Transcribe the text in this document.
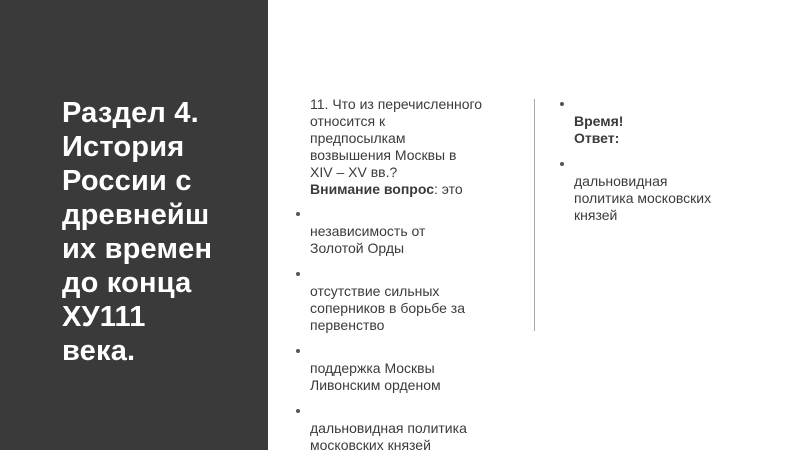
Раздел 4.
История
России с
древнейш
их времен
до конца
ХУ111
века.
11. Что из перечисленного
относится к
предпосылкам
возвышения Москвы в
XIV – XV вв.?
Внимание вопрос: это

независимость от
Золотой Орды

отсутствие сильных
соперников в борьбе за
первенство

поддержка Москвы
Ливонским орденом

дальновидная политика
московских князей

Время!
Ответ:

дальновидная
политика московских
князей
